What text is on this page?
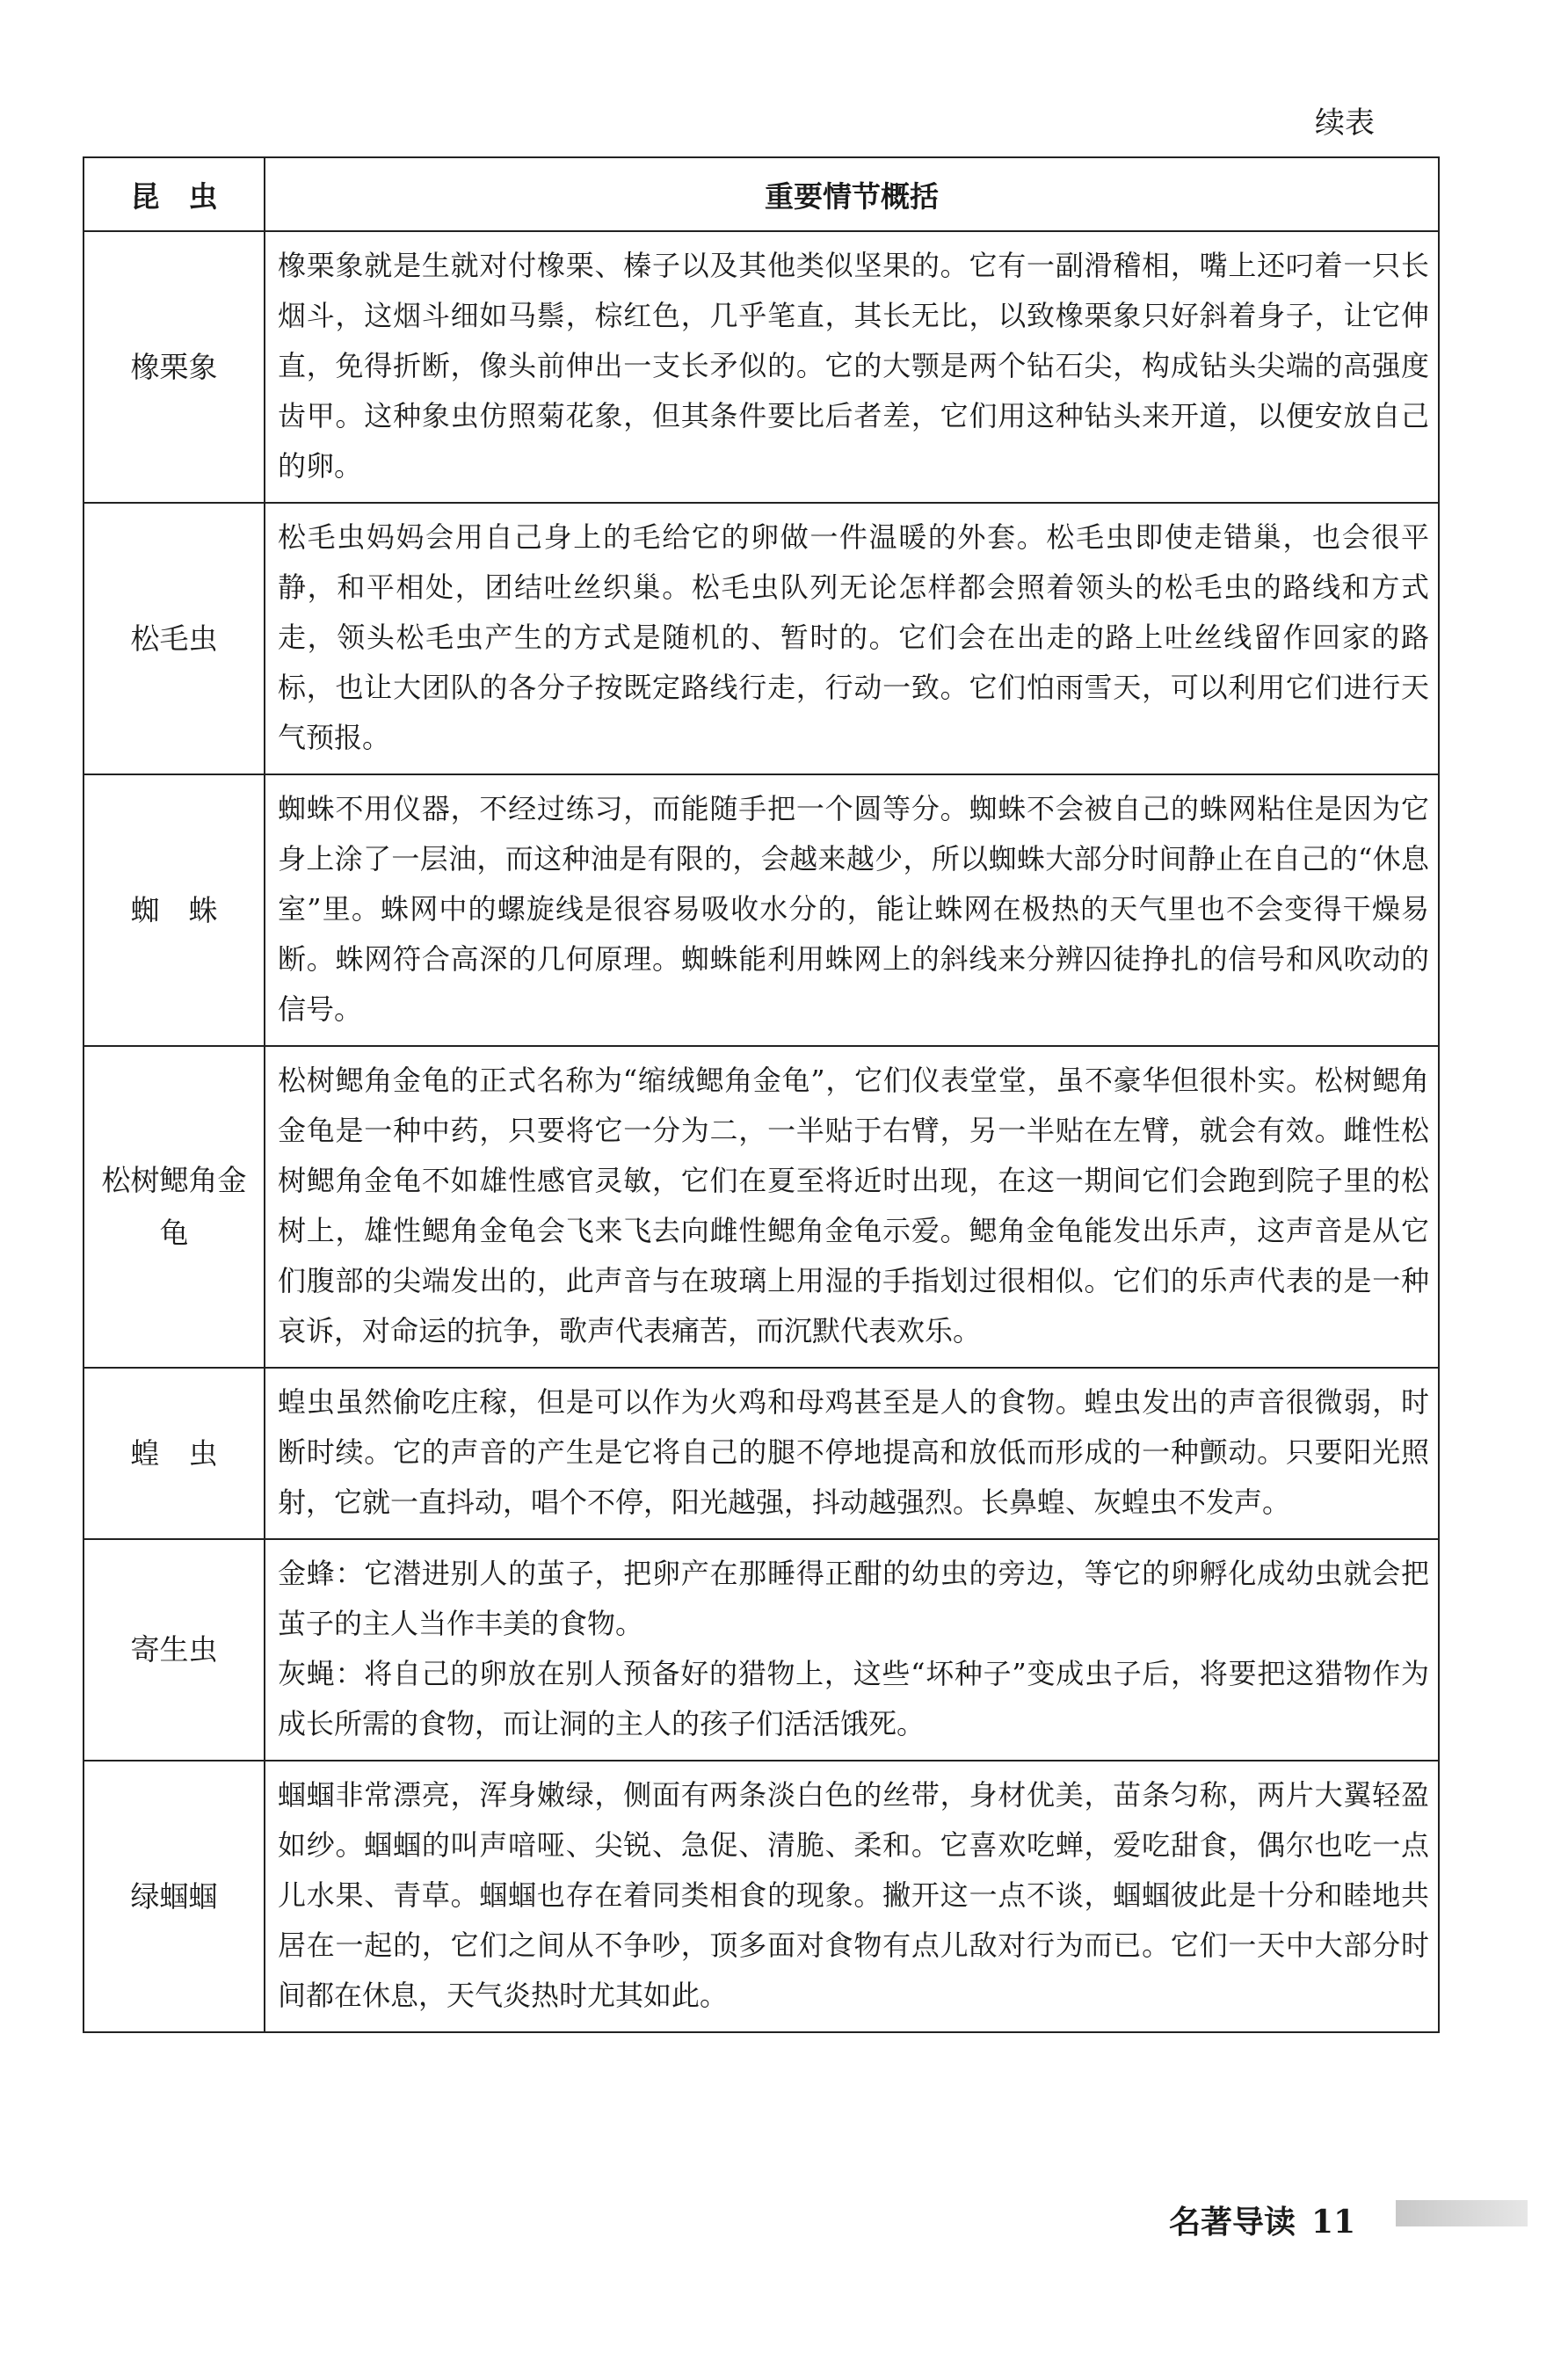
续表
昆　虫	重要情节概括
橡栗象	橡栗象就是生就对付橡栗、榛子以及其他类似坚果的。它有一副滑稽相，嘴上还叼着一只长烟斗，这烟斗细如马鬃，棕红色，几乎笔直，其长无比，以致橡栗象只好斜着身子，让它伸直，免得折断，像头前伸出一支长矛似的。它的大颚是两个钻石尖，构成钻头尖端的高强度齿甲。这种象虫仿照菊花象，但其条件要比后者差，它们用这种钻头来开道，以便安放自己的卵。

松毛虫	松毛虫妈妈会用自己身上的毛给它的卵做一件温暖的外套。松毛虫即使走错巢，也会很平静，和平相处，团结吐丝织巢。松毛虫队列无论怎样都会照着领头的松毛虫的路线和方式走，领头松毛虫产生的方式是随机的、暂时的。它们会在出走的路上吐丝线留作回家的路标，也让大团队的各分子按既定路线行走，行动一致。它们怕雨雪天，可以利用它们进行天气预报。

蜘　蛛	蜘蛛不用仪器，不经过练习，而能随手把一个圆等分。蜘蛛不会被自己的蛛网粘住是因为它身上涂了一层油，而这种油是有限的，会越来越少，所以蜘蛛大部分时间静止在自己的“休息室”里。蛛网中的螺旋线是很容易吸收水分的，能让蛛网在极热的天气里也不会变得干燥易断。蛛网符合高深的几何原理。蜘蛛能利用蛛网上的斜线来分辨囚徒挣扎的信号和风吹动的信号。

松树鳃角金龟	松树鳃角金龟的正式名称为“缩绒鳃角金龟”，它们仪表堂堂，虽不豪华但很朴实。松树鳃角金龟是一种中药，只要将它一分为二，一半贴于右臂，另一半贴在左臂，就会有效。雌性松树鳃角金龟不如雄性感官灵敏，它们在夏至将近时出现，在这一期间它们会跑到院子里的松树上，雄性鳃角金龟会飞来飞去向雌性鳃角金龟示爱。鳃角金龟能发出乐声，这声音是从它们腹部的尖端发出的，此声音与在玻璃上用湿的手指划过很相似。它们的乐声代表的是一种哀诉，对命运的抗争，歌声代表痛苦，而沉默代表欢乐。

蝗　虫	蝗虫虽然偷吃庄稼，但是可以作为火鸡和母鸡甚至是人的食物。蝗虫发出的声音很微弱，时断时续。它的声音的产生是它将自己的腿不停地提高和放低而形成的一种颤动。只要阳光照射，它就一直抖动，唱个不停，阳光越强，抖动越强烈。长鼻蝗、灰蝗虫不发声。

寄生虫	金蜂：它潜进别人的茧子，把卵产在那睡得正酣的幼虫的旁边，等它的卵孵化成幼虫就会把茧子的主人当作丰美的食物。

灰蝇：将自己的卵放在别人预备好的猎物上，这些“坏种子”变成虫子后，将要把这猎物作为成长所需的食物，而让洞的主人的孩子们活活饿死。

绿蝈蝈	蝈蝈非常漂亮，浑身嫩绿，侧面有两条淡白色的丝带，身材优美，苗条匀称，两片大翼轻盈如纱。蝈蝈的叫声喑哑、尖锐、急促、清脆、柔和。它喜欢吃蝉，爱吃甜食，偶尔也吃一点儿水果、青草。蝈蝈也存在着同类相食的现象。撇开这一点不谈，蝈蝈彼此是十分和睦地共居在一起的，它们之间从不争吵，顶多面对食物有点儿敌对行为而已。它们一天中大部分时间都在休息，天气炎热时尤其如此。

名著导读 11
